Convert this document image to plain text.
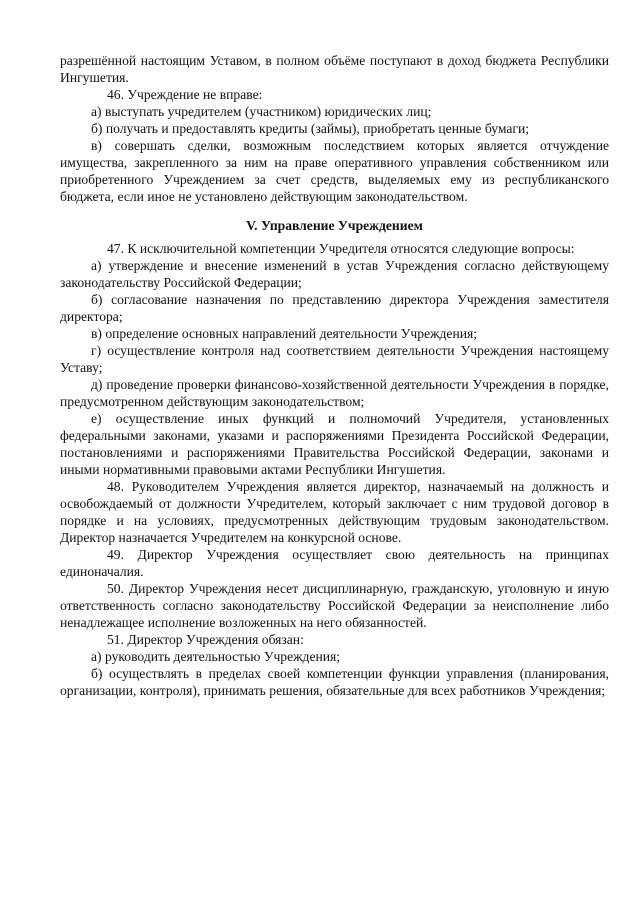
разрешённой настоящим Уставом, в полном объёме поступают в доход бюджета Республики Ингушетия.

46. Учреждение не вправе:

а) выступать учредителем (участником) юридических лиц;

б) получать и предоставлять кредиты (займы), приобретать ценные бумаги;

в) совершать сделки, возможным последствием которых является отчуждение имущества, закрепленного за ним на праве оперативного управления собственником или приобретенного Учреждением за счет средств, выделяемых ему из республиканского бюджета, если иное не установлено действующим законодательством.

V. Управление Учреждением

47. К исключительной компетенции Учредителя относятся следующие вопросы:

а) утверждение и внесение изменений в устав Учреждения согласно действующему законодательству Российской Федерации;

б) согласование назначения по представлению директора Учреждения заместителя директора;

в) определение основных направлений деятельности Учреждения;

г) осуществление контроля над соответствием деятельности Учреждения настоящему Уставу;

д) проведение проверки финансово-хозяйственной деятельности Учреждения в порядке, предусмотренном действующим законодательством;

е) осуществление иных функций и полномочий Учредителя, установленных федеральными законами, указами и распоряжениями Президента Российской Федерации, постановлениями и распоряжениями Правительства Российской Федерации, законами и иными нормативными правовыми актами Республики Ингушетия.

48. Руководителем Учреждения является директор, назначаемый на должность и освобождаемый от должности Учредителем, который заключает с ним трудовой договор в порядке и на условиях, предусмотренных действующим трудовым законодательством. Директор назначается Учредителем на конкурсной основе.

49. Директор Учреждения осуществляет свою деятельность на принципах единоначалия.

50. Директор Учреждения несет дисциплинарную, гражданскую, уголовную и иную ответственность согласно законодательству Российской Федерации за неисполнение либо ненадлежащее исполнение возложенных на него обязанностей.

51. Директор Учреждения обязан:

а) руководить деятельностью Учреждения;

б) осуществлять в пределах своей компетенции функции управления (планирования, организации, контроля), принимать решения, обязательные для всех работников Учреждения;
